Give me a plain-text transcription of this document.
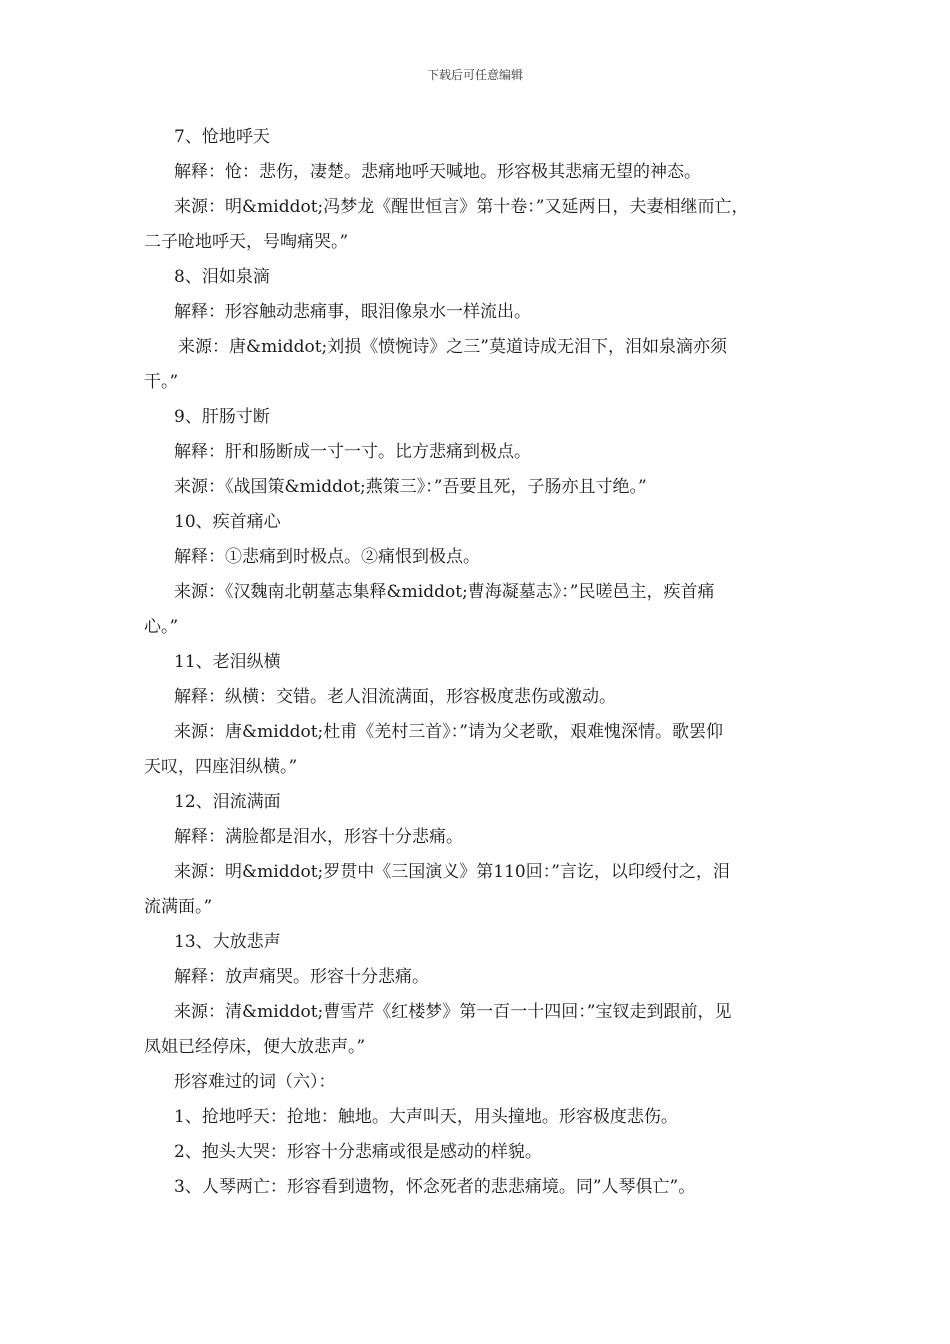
下载后可任意编辑

7、怆地呼天

解释：怆：悲伤，凄楚。悲痛地呼天喊地。形容极其悲痛无望的神态。

来源：明&middot;冯梦龙《醒世恒言》第十卷：”又延两日，夫妻相继而亡，

二子呛地呼天，号啕痛哭。”

8、泪如泉滴

解释：形容触动悲痛事，眼泪像泉水一样流出。

来源：唐&middot;刘损《愤惋诗》之三”莫道诗成无泪下，泪如泉滴亦须

干。”

9、肝肠寸断

解释：肝和肠断成一寸一寸。比方悲痛到极点。

来源：《战国策&middot;燕策三》：”吾要且死，子肠亦且寸绝。”

10、疾首痛心

解释：①悲痛到时极点。②痛恨到极点。

来源：《汉魏南北朝墓志集释&middot;曹海凝墓志》：”民嗟邑主，疾首痛

心。”

11、老泪纵横

解释：纵横：交错。老人泪流满面，形容极度悲伤或激动。

来源：唐&middot;杜甫《羌村三首》：”请为父老歌，艰难愧深情。歌罢仰

天叹，四座泪纵横。”

12、泪流满面

解释：满脸都是泪水，形容十分悲痛。

来源：明&middot;罗贯中《三国演义》第110回：”言讫，以印绶付之，泪

流满面。”

13、大放悲声

解释：放声痛哭。形容十分悲痛。

来源：清&middot;曹雪芹《红楼梦》第一百一十四回：”宝钗走到跟前，见

凤姐已经停床，便大放悲声。”

形容难过的词（六）：

1、抢地呼天：抢地：触地。大声叫天，用头撞地。形容极度悲伤。

2、抱头大哭：形容十分悲痛或很是感动的样貌。

3、人琴两亡：形容看到遗物，怀念死者的悲悲痛境。同”人琴俱亡”。
